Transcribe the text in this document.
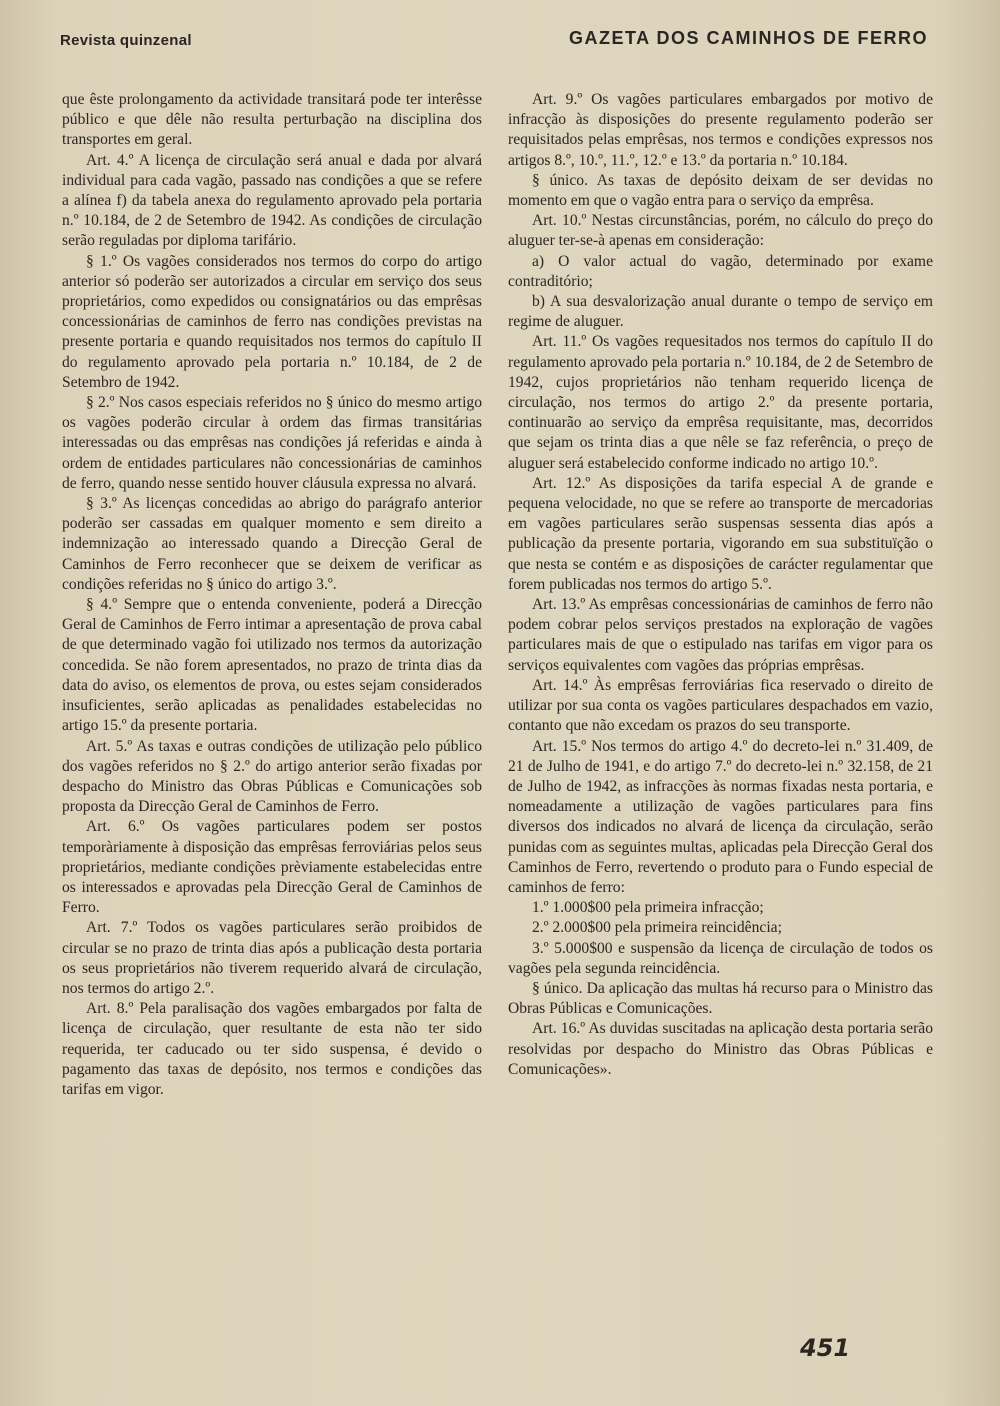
Revista quinzenal	GAZETA DOS CAMINHOS DE FERRO

que êste prolongamento da actividade transitará pode ter interêsse público e que dêle não resulta perturbação na disciplina dos transportes em geral.

Art. 4.º A licença de circulação será anual e dada por alvará individual para cada vagão, passado nas condições a que se refere a alínea f) da tabela anexa do regulamento aprovado pela portaria n.º 10.184, de 2 de Setembro de 1942. As condições de circulação serão reguladas por diploma tarifário.

§ 1.º Os vagões considerados nos termos do corpo do artigo anterior só poderão ser autorizados a circular em serviço dos seus proprietários, como expedidos ou consignatários ou das emprêsas concessionárias de caminhos de ferro nas condições previstas na presente portaria e quando requisitados nos termos do capítulo II do regulamento aprovado pela portaria n.º 10.184, de 2 de Setembro de 1942.

§ 2.º Nos casos especiais referidos no § único do mesmo artigo os vagões poderão circular à ordem das firmas transitárias interessadas ou das emprêsas nas condições já referidas e ainda à ordem de entidades particulares não concessionárias de caminhos de ferro, quando nesse sentido houver cláusula expressa no alvará.

§ 3.º As licenças concedidas ao abrigo do parágrafo anterior poderão ser cassadas em qualquer momento e sem direito a indemnização ao interessado quando a Direcção Geral de Caminhos de Ferro reconhecer que se deixem de verificar as condições referidas no § único do artigo 3.º.

§ 4.º Sempre que o entenda conveniente, poderá a Direcção Geral de Caminhos de Ferro intimar a apresentação de prova cabal de que determinado vagão foi utilizado nos termos da autorização concedida. Se não forem apresentados, no prazo de trinta dias da data do aviso, os elementos de prova, ou estes sejam considerados insuficientes, serão aplicadas as penalidades estabelecidas no artigo 15.º da presente portaria.

Art. 5.º As taxas e outras condições de utilização pelo público dos vagões referidos no § 2.º do artigo anterior serão fixadas por despacho do Ministro das Obras Públicas e Comunicações sob proposta da Direcção Geral de Caminhos de Ferro.

Art. 6.º Os vagões particulares podem ser postos temporàriamente à disposição das emprêsas ferroviárias pelos seus proprietários, mediante condições prèviamente estabelecidas entre os interessados e aprovadas pela Direcção Geral de Caminhos de Ferro.

Art. 7.º Todos os vagões particulares serão proibidos de circular se no prazo de trinta dias após a publicação desta portaria os seus proprietários não tiverem requerido alvará de circulação, nos termos do artigo 2.º.

Art. 8.º Pela paralisação dos vagões embargados por falta de licença de circulação, quer resultante de esta não ter sido requerida, ter caducado ou ter sido suspensa, é devido o pagamento das taxas de depósito, nos termos e condições das tarifas em vigor.

Art. 9.º Os vagões particulares embargados por motivo de infracção às disposições do presente regulamento poderão ser requisitados pelas emprêsas, nos termos e condições expressos nos artigos 8.º, 10.º, 11.º, 12.º e 13.º da portaria n.º 10.184.

§ único. As taxas de depósito deixam de ser devidas no momento em que o vagão entra para o serviço da emprêsa.

Art. 10.º Nestas circunstâncias, porém, no cálculo do preço do aluguer ter-se-à apenas em consideração:

a) O valor actual do vagão, determinado por exame contraditório;

b) A sua desvalorização anual durante o tempo de serviço em regime de aluguer.

Art. 11.º Os vagões requesitados nos termos do capítulo II do regulamento aprovado pela portaria n.º 10.184, de 2 de Setembro de 1942, cujos proprietários não tenham requerido licença de circulação, nos termos do artigo 2.º da presente portaria, continuarão ao serviço da emprêsa requisitante, mas, decorridos que sejam os trinta dias a que nêle se faz referência, o preço de aluguer será estabelecido conforme indicado no artigo 10.º.

Art. 12.º As disposições da tarifa especial A de grande e pequena velocidade, no que se refere ao transporte de mercadorias em vagões particulares serão suspensas sessenta dias após a publicação da presente portaria, vigorando em sua substituïção o que nesta se contém e as disposições de carácter regulamentar que forem publicadas nos termos do artigo 5.º.

Art. 13.º As emprêsas concessionárias de caminhos de ferro não podem cobrar pelos serviços prestados na exploração de vagões particulares mais de que o estipulado nas tarifas em vigor para os serviços equivalentes com vagões das próprias emprêsas.

Art. 14.º Às emprêsas ferroviárias fica reservado o direito de utilizar por sua conta os vagões particulares despachados em vazio, contanto que não excedam os prazos do seu transporte.

Art. 15.º Nos termos do artigo 4.º do decreto-lei n.º 31.409, de 21 de Julho de 1941, e do artigo 7.º do decreto-lei n.º 32.158, de 21 de Julho de 1942, as infracções às normas fixadas nesta portaria, e nomeadamente a utilização de vagões particulares para fins diversos dos indicados no alvará de licença da circulação, serão punidas com as seguintes multas, aplicadas pela Direcção Geral dos Caminhos de Ferro, revertendo o produto para o Fundo especial de caminhos de ferro:

1.º 1.000$00 pela primeira infracção;

2.º 2.000$00 pela primeira reincidência;

3.º 5.000$00 e suspensão da licença de circulação de todos os vagões pela segunda reincidência.

§ único. Da aplicação das multas há recurso para o Ministro das Obras Públicas e Comunicações.

Art. 16.º As duvidas suscitadas na aplicação desta portaria serão resolvidas por despacho do Ministro das Obras Públicas e Comunicações».

451
